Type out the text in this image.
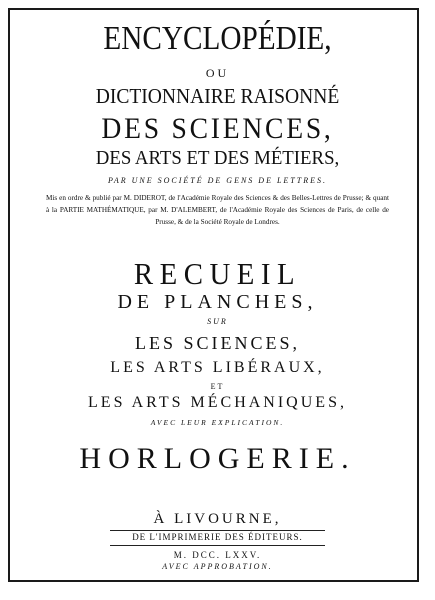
ENCYCLOPÉDIE,
OU
DICTIONNAIRE RAISONNÉ
DES SCIENCES,
DES ARTS ET DES MÉTIERS,
PAR UNE SOCIÉTÉ DE GENS DE LETTRES.
Mis en ordre & publié par M. DIDEROT, de l'Académie Royale des Sciences & des Belles-Lettres de Prusse; & quant à la PARTIE MATHÉMATIQUE, par M. D'ALEMBERT, de l'Académie Royale des Sciences de Paris, de celle de Prusse, & de la Société Royale de Londres.
RECUEIL
DE PLANCHES,
SUR
LES SCIENCES,
LES ARTS LIBÉRAUX,
ET
LES ARTS MÉCHANIQUES,
AVEC LEUR EXPLICATION.
HORLOGERIE.
À LIVOURNE,
DE L'IMPRIMERIE DES ÉDITEURS.
M. DCC. LXXV.
AVEC APPROBATION.
